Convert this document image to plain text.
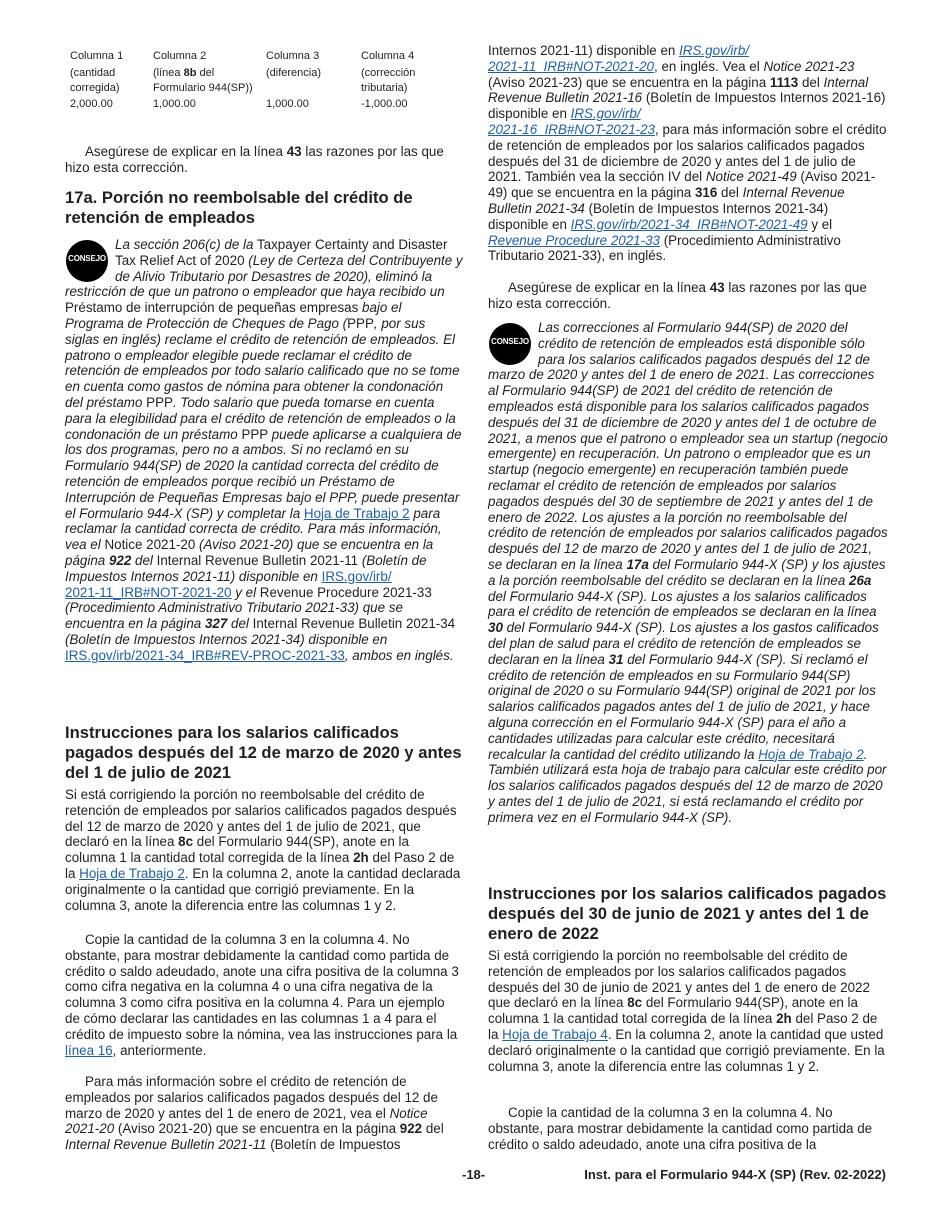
Columna 1	Columna 2	Columna 3	Columna 4
(cantidad corregida)	(línea 8b del Formulario 944(SP))	(diferencia)	(corrección tributaria)
2,000.00	1,000.00	1,000.00	-1,000.00

Asegúrese de explicar en la línea 43 las razones por las que hizo esta corrección.

17a. Porción no reembolsable del crédito de retención de empleados
CONSEJO

La sección 206(c) de la Taxpayer Certainty and Disaster Tax Relief Act of 2020 (Ley de Certeza del Contribuyente y de Alivio Tributario por Desastres de 2020), eliminó la restricción de que un patrono o empleador que haya recibido un Préstamo de interrupción de pequeñas empresas bajo el Programa de Protección de Cheques de Pago (PPP, por sus siglas en inglés) reclame el crédito de retención de empleados. El patrono o empleador elegible puede reclamar el crédito de retención de empleados por todo salario calificado que no se tome en cuenta como gastos de nómina para obtener la condonación del préstamo PPP. Todo salario que pueda tomarse en cuenta para la elegibilidad para el crédito de retención de empleados o la condonación de un préstamo PPP puede aplicarse a cualquiera de los dos programas, pero no a ambos. Si no reclamó en su Formulario 944(SP) de 2020 la cantidad correcta del crédito de retención de empleados porque recibió un Préstamo de Interrupción de Pequeñas Empresas bajo el PPP, puede presentar el Formulario 944-X (SP) y completar la Hoja de Trabajo 2 para reclamar la cantidad correcta de crédito. Para más información, vea el Notice 2021-20 (Aviso 2021-20) que se encuentra en la página 922 del Internal Revenue Bulletin 2021-11 (Boletín de Impuestos Internos 2021-11) disponible en IRS.gov/irb/
2021-11_IRB#NOT-2021-20 y el Revenue Procedure 2021-33 (Procedimiento Administrativo Tributario 2021-33) que se encuentra en la página 327 del Internal Revenue Bulletin 2021-34 (Boletín de Impuestos Internos 2021-34) disponible en IRS.gov/irb/2021-34_IRB#REV-PROC-2021-33, ambos en inglés.

Instrucciones para los salarios calificados pagados después del 12 de marzo de 2020 y antes del 1 de julio de 2021

Si está corrigiendo la porción no reembolsable del crédito de retención de empleados por salarios calificados pagados después del 12 de marzo de 2020 y antes del 1 de julio de 2021, que declaró en la línea 8c del Formulario 944(SP), anote en la columna 1 la cantidad total corregida de la línea 2h del Paso 2 de la Hoja de Trabajo 2. En la columna 2, anote la cantidad declarada originalmente o la cantidad que corrigió previamente. En la columna 3, anote la diferencia entre las columnas 1 y 2.

Copie la cantidad de la columna 3 en la columna 4. No obstante, para mostrar debidamente la cantidad como partida de crédito o saldo adeudado, anote una cifra positiva de la columna 3 como cifra negativa en la columna 4 o una cifra negativa de la columna 3 como cifra positiva en la columna 4. Para un ejemplo de cómo declarar las cantidades en las columnas 1 a 4 para el crédito de impuesto sobre la nómina, vea las instrucciones para la línea 16, anteriormente.

Para más información sobre el crédito de retención de empleados por salarios calificados pagados después del 12 de marzo de 2020 y antes del 1 de enero de 2021, vea el Notice 2021-20 (Aviso 2021-20) que se encuentra en la página 922 del Internal Revenue Bulletin 2021-11 (Boletín de Impuestos

Internos 2021-11) disponible en IRS.gov/irb/
2021-11_IRB#NOT-2021-20, en inglés. Vea el Notice 2021-23 (Aviso 2021-23) que se encuentra en la página 1113 del Internal Revenue Bulletin 2021-16 (Boletín de Impuestos Internos 2021-16) disponible en IRS.gov/irb/
2021-16_IRB#NOT-2021-23, para más información sobre el crédito de retención de empleados por los salarios calificados pagados después del 31 de diciembre de 2020 y antes del 1 de julio de 2021. También vea la sección IV del Notice 2021-49 (Aviso 2021-49) que se encuentra en la página 316 del Internal Revenue Bulletin 2021-34 (Boletín de Impuestos Internos 2021-34) disponible en IRS.gov/irb/2021-34_IRB#NOT-2021-49 y el Revenue Procedure 2021-33 (Procedimiento Administrativo Tributario 2021-33), en inglés.

Asegúrese de explicar en la línea 43 las razones por las que hizo esta corrección.

CONSEJO

Las correcciones al Formulario 944(SP) de 2020 del crédito de retención de empleados está disponible sólo para los salarios calificados pagados después del 12 de marzo de 2020 y antes del 1 de enero de 2021. Las correcciones al Formulario 944(SP) de 2021 del crédito de retención de empleados está disponible para los salarios calificados pagados después del 31 de diciembre de 2020 y antes del 1 de octubre de 2021, a menos que el patrono o empleador sea un startup (negocio emergente) en recuperación. Un patrono o empleador que es un startup (negocio emergente) en recuperación también puede reclamar el crédito de retención de empleados por salarios pagados después del 30 de septiembre de 2021 y antes del 1 de enero de 2022. Los ajustes a la porción no reembolsable del crédito de retención de empleados por salarios calificados pagados después del 12 de marzo de 2020 y antes del 1 de julio de 2021, se declaran en la línea 17a del Formulario 944-X (SP) y los ajustes a la porción reembolsable del crédito se declaran en la línea 26a del Formulario 944-X (SP). Los ajustes a los salarios calificados para el crédito de retención de empleados se declaran en la línea 30 del Formulario 944-X (SP). Los ajustes a los gastos calificados del plan de salud para el crédito de retención de empleados se declaran en la línea 31 del Formulario 944-X (SP). Si reclamó el crédito de retención de empleados en su Formulario 944(SP) original de 2020 o su Formulario 944(SP) original de 2021 por los salarios calificados pagados antes del 1 de julio de 2021, y hace alguna corrección en el Formulario 944-X (SP) para el año a cantidades utilizadas para calcular este crédito, necesitará recalcular la cantidad del crédito utilizando la Hoja de Trabajo 2. También utilizará esta hoja de trabajo para calcular este crédito por los salarios calificados pagados después del 12 de marzo de 2020 y antes del 1 de julio de 2021, si está reclamando el crédito por primera vez en el Formulario 944-X (SP).

Instrucciones por los salarios calificados pagados después del 30 de junio de 2021 y antes del 1 de enero de 2022

Si está corrigiendo la porción no reembolsable del crédito de retención de empleados por los salarios calificados pagados después del 30 de junio de 2021 y antes del 1 de enero de 2022 que declaró en la línea 8c del Formulario 944(SP), anote en la columna 1 la cantidad total corregida de la línea 2h del Paso 2 de la Hoja de Trabajo 4. En la columna 2, anote la cantidad que usted declaró originalmente o la cantidad que corrigió previamente. En la columna 3, anote la diferencia entre las columnas 1 y 2.

Copie la cantidad de la columna 3 en la columna 4. No obstante, para mostrar debidamente la cantidad como partida de crédito o saldo adeudado, anote una cifra positiva de la

-18-	Inst. para el Formulario 944-X (SP) (Rev. 02-2022)
